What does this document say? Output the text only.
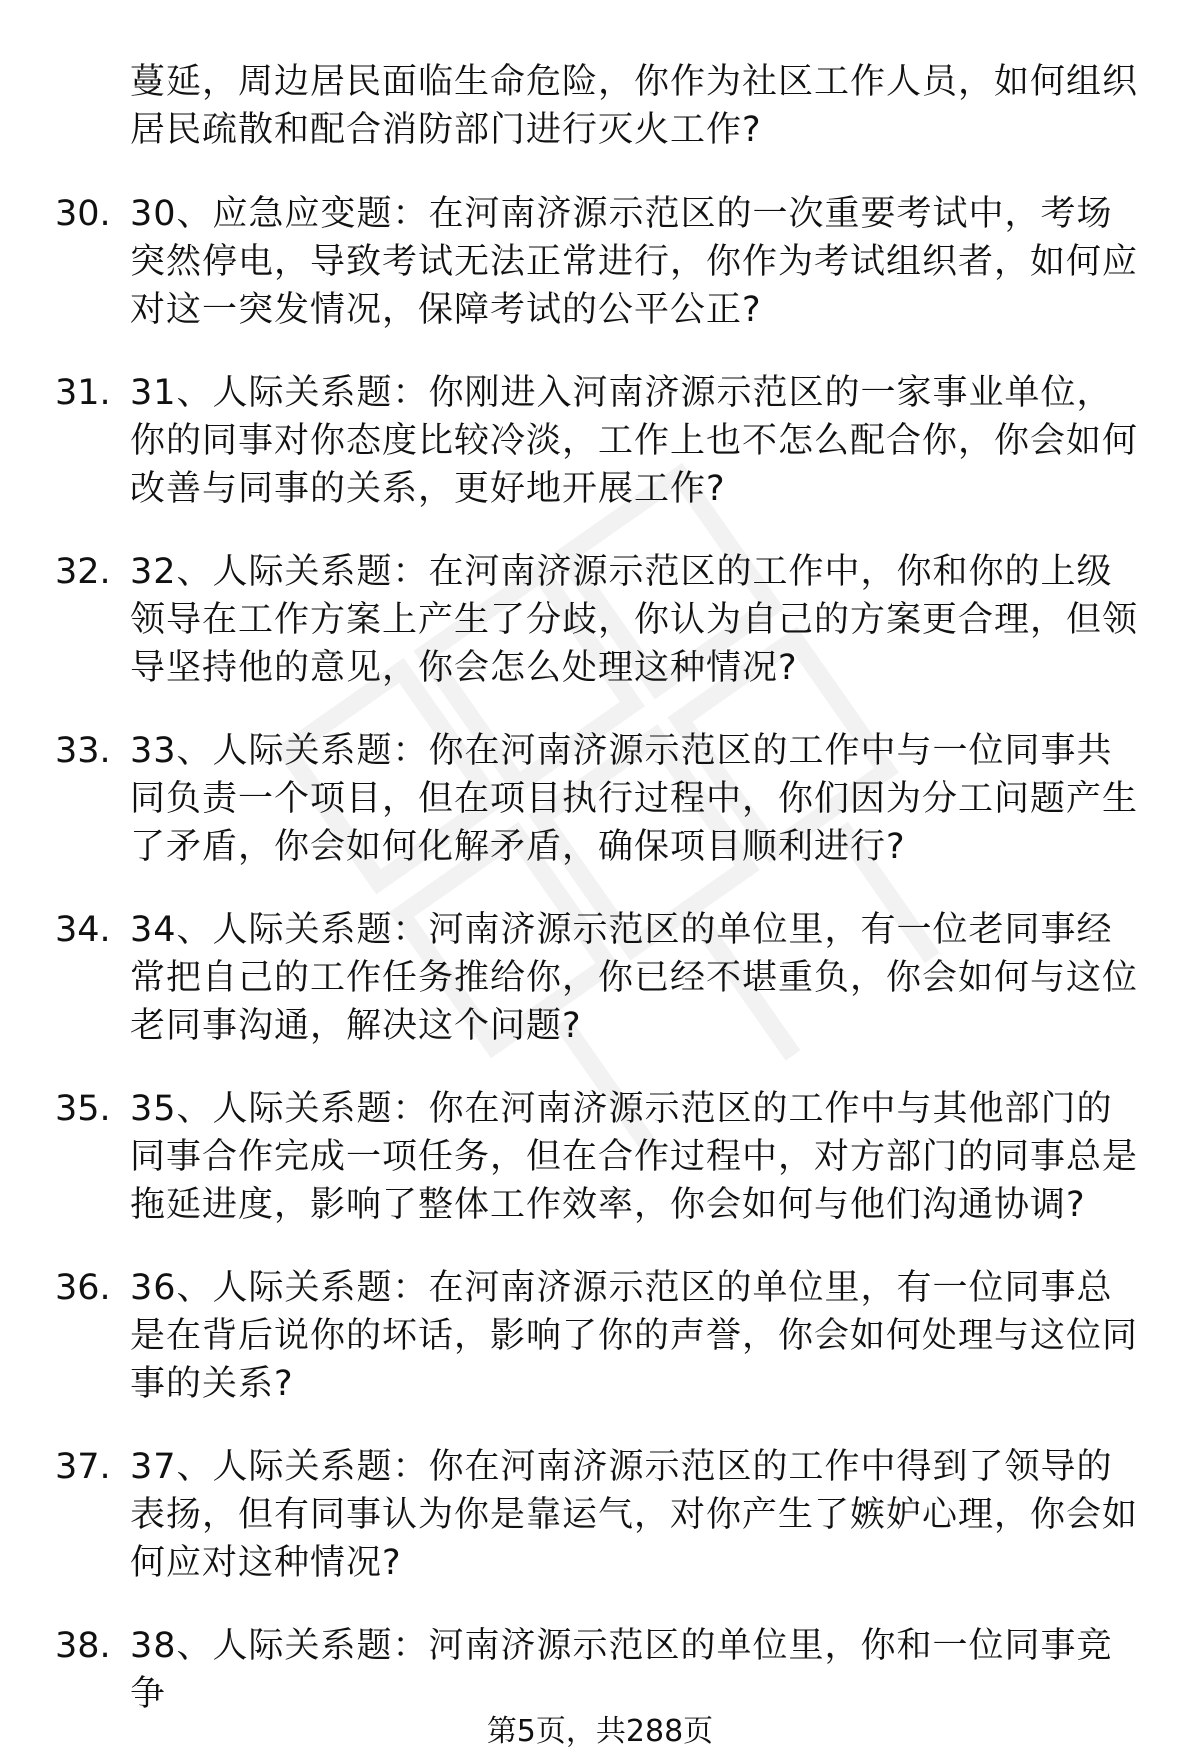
蔓延，周边居民面临生命危险，你作为社区工作人员，如何组织居民疏散和配合消防部门进行灭火工作?
30. 30、应急应变题：在河南济源示范区的一次重要考试中，考场突然停电，导致考试无法正常进行，你作为考试组织者，如何应对这一突发情况，保障考试的公平公正?
31. 31、人际关系题：你刚进入河南济源示范区的一家事业单位，你的同事对你态度比较冷淡，工作上也不怎么配合你，你会如何改善与同事的关系，更好地开展工作?
32. 32、人际关系题：在河南济源示范区的工作中，你和你的上级领导在工作方案上产生了分歧，你认为自己的方案更合理，但领导坚持他的意见，你会怎么处理这种情况?
33. 33、人际关系题：你在河南济源示范区的工作中与一位同事共同负责一个项目，但在项目执行过程中，你们因为分工问题产生了矛盾，你会如何化解矛盾，确保项目顺利进行?
34. 34、人际关系题：河南济源示范区的单位里，有一位老同事经常把自己的工作任务推给你，你已经不堪重负，你会如何与这位老同事沟通，解决这个问题?
35. 35、人际关系题：你在河南济源示范区的工作中与其他部门的同事合作完成一项任务，但在合作过程中，对方部门的同事总是拖延进度，影响了整体工作效率，你会如何与他们沟通协调?
36. 36、人际关系题：在河南济源示范区的单位里，有一位同事总是在背后说你的坏话，影响了你的声誉，你会如何处理与这位同事的关系?
37. 37、人际关系题：你在河南济源示范区的工作中得到了领导的表扬，但有同事认为你是靠运气，对你产生了嫉妒心理，你会如何应对这种情况?
38. 38、人际关系题：河南济源示范区的单位里，你和一位同事竞争
第5页，共288页
